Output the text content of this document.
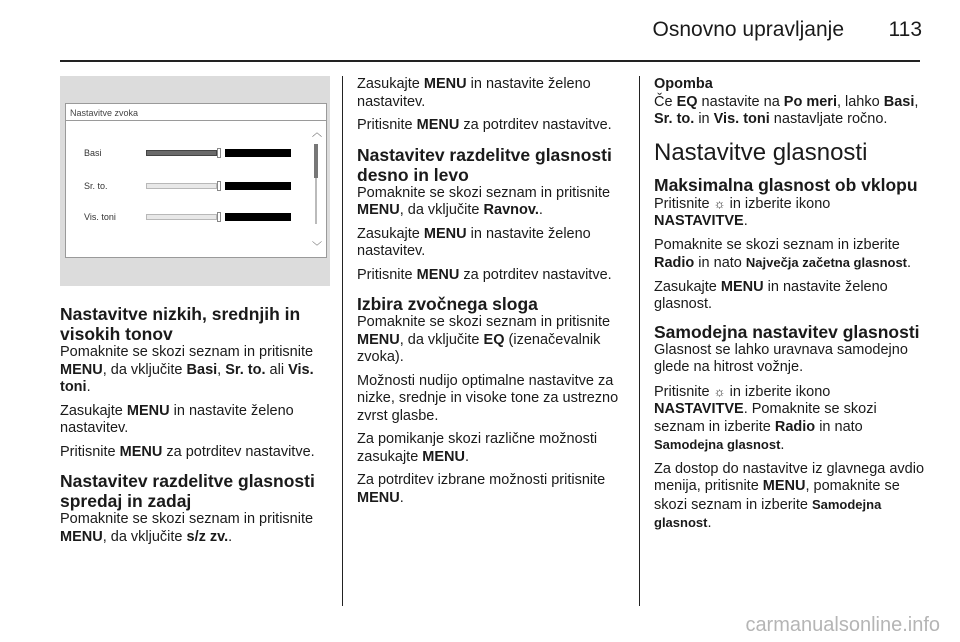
Osnovno upravljanje 113
Nastavitve zvoka
Basi
Sr. to.
Vis. toni
︿
﹀
Nastavitve nizkih, srednjih in visokih tonov

Pomaknite se skozi seznam in pritisnite MENU, da vključite Basi, Sr. to. ali Vis. toni.

Zasukajte MENU in nastavite želeno nastavitev.

Pritisnite MENU za potrditev nastavitve.

Nastavitev razdelitve glasnosti spredaj in zadaj

Pomaknite se skozi seznam in pritisnite MENU, da vključite s/z zv..

Zasukajte MENU in nastavite želeno nastavitev.

Pritisnite MENU za potrditev nastavitve.

Nastavitev razdelitve glasnosti desno in levo

Pomaknite se skozi seznam in pritisnite MENU, da vključite Ravnov..

Zasukajte MENU in nastavite želeno nastavitev.

Pritisnite MENU za potrditev nastavitve.

Izbira zvočnega sloga

Pomaknite se skozi seznam in pritisnite MENU, da vključite EQ (izenačevalnik zvoka).

Možnosti nudijo optimalne nastavitve za nizke, srednje in visoke tone za ustrezno zvrst glasbe.

Za pomikanje skozi različne možnosti zasukajte MENU.

Za potrditev izbrane možnosti pritisnite MENU.

Opomba

Če EQ nastavite na Po meri, lahko Basi, Sr. to. in Vis. toni nastavljate ročno.

Nastavitve glasnosti
Maksimalna glasnost ob vklopu

Pritisnite ☼ in izberite ikono NASTAVITVE.

Pomaknite se skozi seznam in izberite Radio in nato Največja začetna glasnost.

Zasukajte MENU in nastavite želeno glasnost.

Samodejna nastavitev glasnosti

Glasnost se lahko uravnava samodejno glede na hitrost vožnje.

Pritisnite ☼ in izberite ikono NASTAVITVE. Pomaknite se skozi seznam in izberite Radio in nato Samodejna glasnost.

Za dostop do nastavitve iz glavnega avdio menija, pritisnite MENU, pomaknite se skozi seznam in izberite Samodejna glasnost.

carmanualsonline.info
